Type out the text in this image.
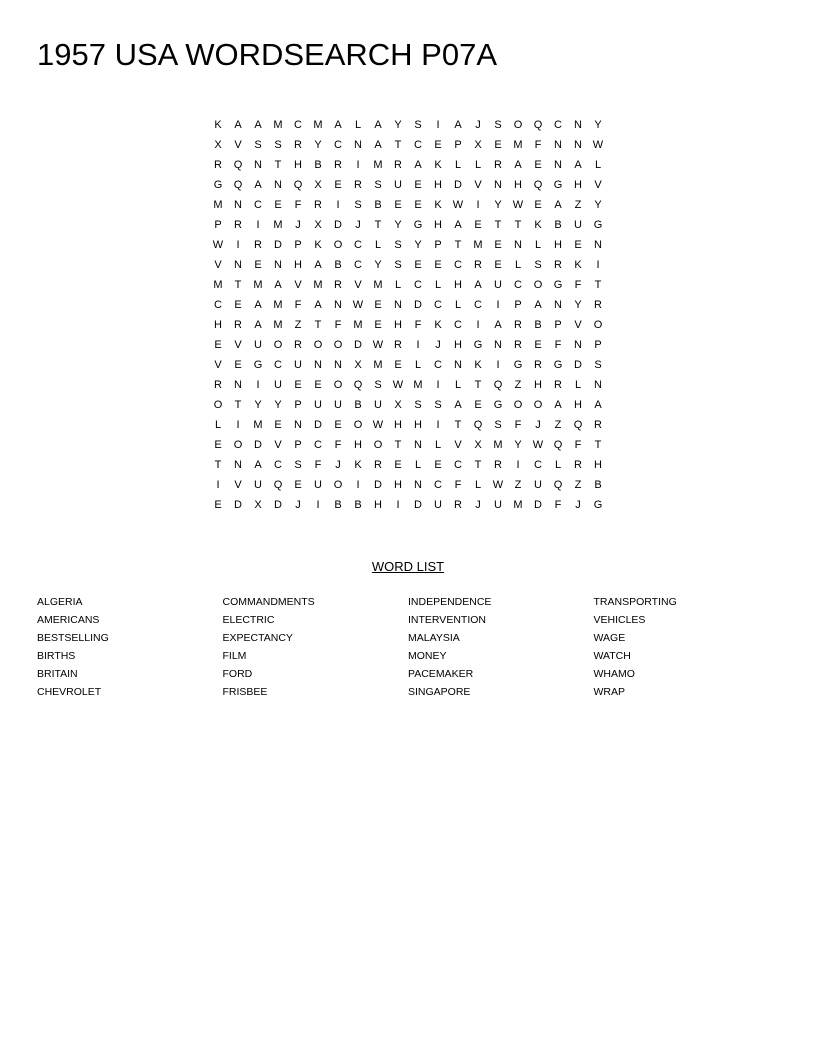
1957 USA WORDSEARCH P07A
K	A	A	M	C	M	A	L	A	Y	S	I	A	J	S	O	Q	C	N	Y
X	V	S	S	R	Y	C	N	A	T	C	E	P	X	E	M	F	N	N W
R	Q	N	T	H	B	R	I	M	R	A	K	L	L	R	A	E	N	A	L
G	Q	A	N	Q	X	E	R	S	U	E	H	D	V	N	H	Q	G	H	V
M	N	C	E	F	R	I	S	B	E	E	K	W	I	Y	W	E	A	Z	Y
P	R	I	M	J	X	D	J	T	Y	G	H	A	E	T	T	K	B	U	G
W	I	R	D	P	K	O	C	L	S	Y	P	T	M	E	N	L	H	E	N
V	N	E	N	H	A	B	C	Y	S	E	E	C	R	E	L	S	R	K	I
M	T	M	A	V	M	R	V	M	L	C	L	H	A	U	C	O	G	F	T
C	E	A	M	F	A	N W	E	N	D	C	L	C	I	P	A	N	Y	R
H	R	A	M	Z	T	F	M	E	H	F	K	C	I	A	R	B	P	V	O
E	V	U	O	R	O	O	D W R	I	J	H	G	N	R	E	F	N	P
V	E	G	C	U	N	N	X	M	E	L	C	N	K	I	G	R	G	D	S
R	N	I	U	E	E	O	Q	S	W M	I	L	T	Q	Z	H	R	L	N
O	T	Y	Y	P	U	U	B	U	X	S	S	A	E	G	O	O	A	H	A
L	I	M	E	N	D	E	O W H	H	I	T	Q	S	F	J	Z	Q	R
E	O	D	V	P	C	F	H	O	T	N	L	V	X	M	Y	W Q	F	T
T	N	A	C	S	F	J	K	R	E	L	E	C	T	R	I	C	L	R	H
I	V	U	Q	E	U	O	I	D	H	N	C	F	L	W	Z	U	Q	Z	B
E	D	X	D	J	I	B	B	H	I	D	U	R	J	U	M	D	F	J	G
WORD LIST
ALGERIA	COMMANDMENTS	INDEPENDENCE	TRANSPORTING
AMERICANS	ELECTRIC	INTERVENTION	VEHICLES
BESTSELLING	EXPECTANCY	MALAYSIA	WAGE
BIRTHS	FILM	MONEY	WATCH
BRITAIN	FORD	PACEMAKER	WHAMO
CHEVROLET	FRISBEE	SINGAPORE	WRAP
